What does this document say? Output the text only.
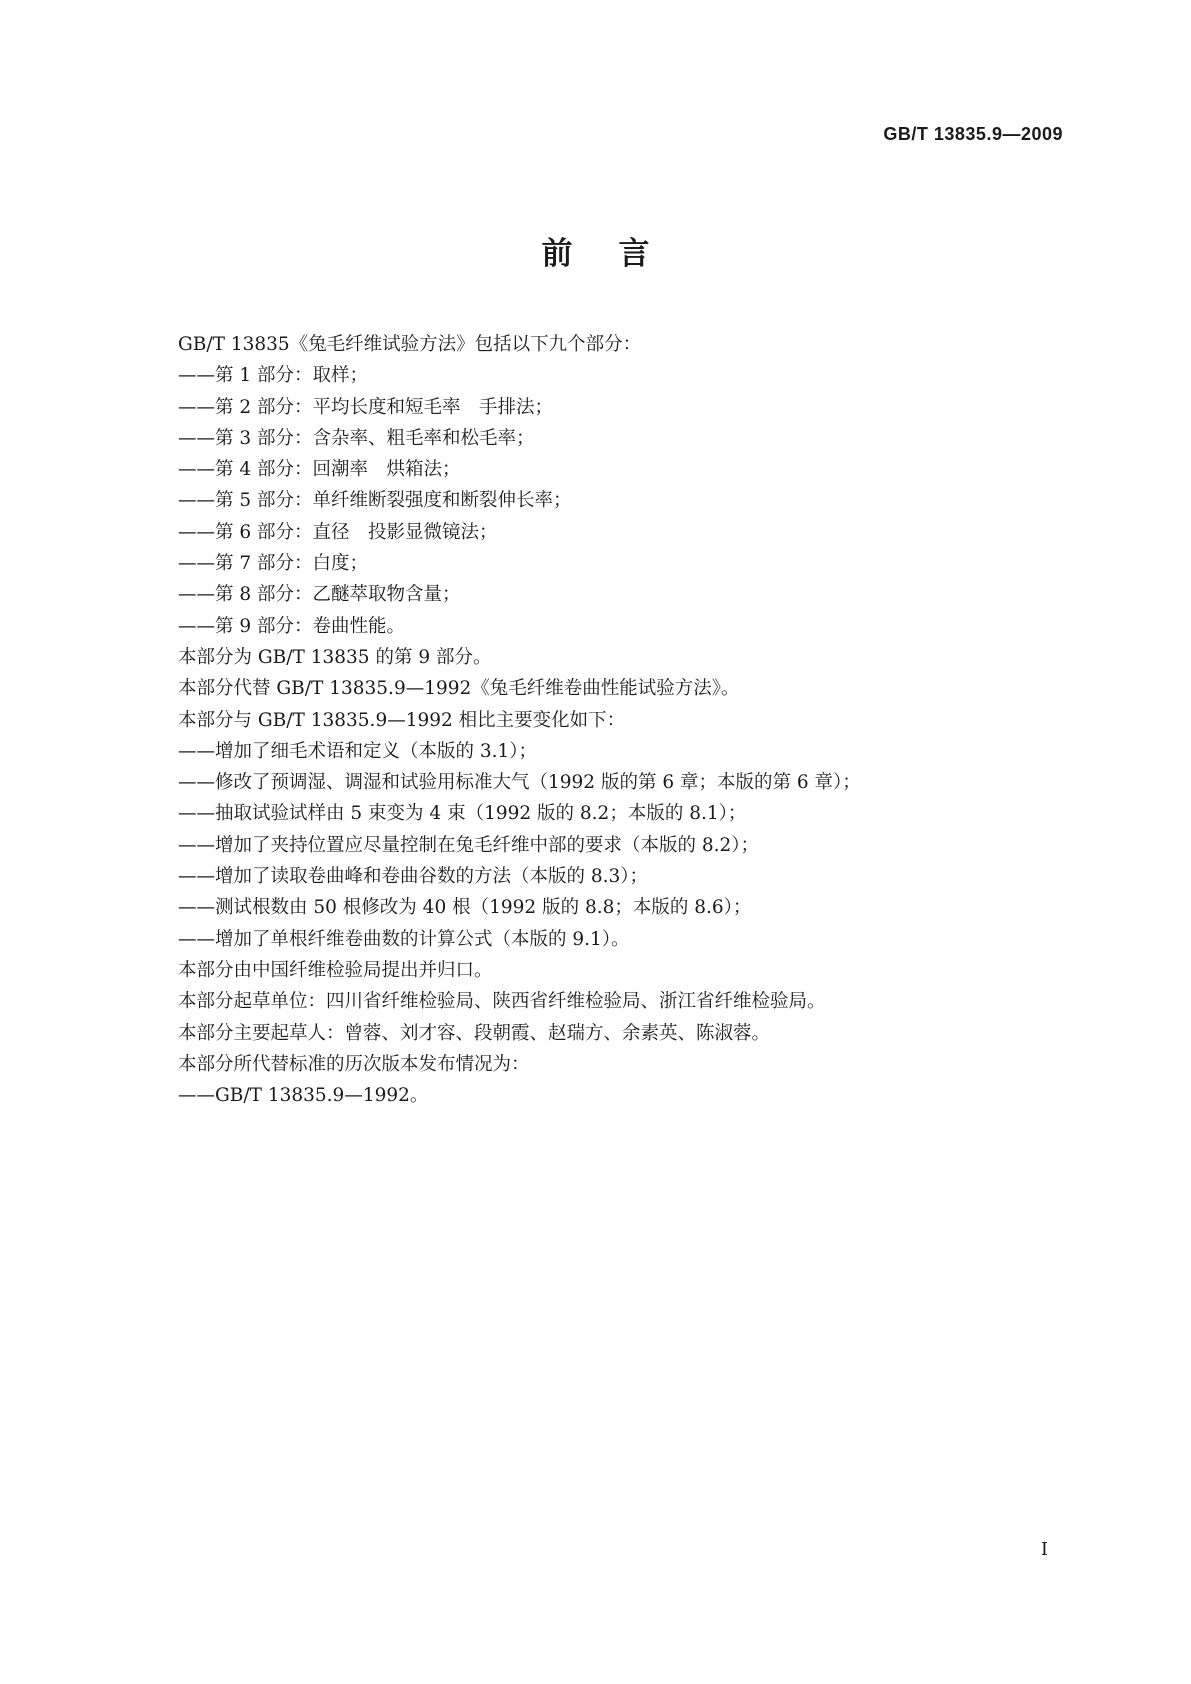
GB/T 13835.9—2009
前言
GB/T 13835《兔毛纤维试验方法》包括以下九个部分：
——第 1 部分：取样；
——第 2 部分：平均长度和短毛率　手排法；
——第 3 部分：含杂率、粗毛率和松毛率；
——第 4 部分：回潮率　烘箱法；
——第 5 部分：单纤维断裂强度和断裂伸长率；
——第 6 部分：直径　投影显微镜法；
——第 7 部分：白度；
——第 8 部分：乙醚萃取物含量；
——第 9 部分：卷曲性能。
本部分为 GB/T 13835 的第 9 部分。
本部分代替 GB/T 13835.9—1992《兔毛纤维卷曲性能试验方法》。
本部分与 GB/T 13835.9—1992 相比主要变化如下：
——增加了细毛术语和定义（本版的 3.1）；
——修改了预调湿、调湿和试验用标准大气（1992 版的第 6 章；本版的第 6 章）；
——抽取试验试样由 5 束变为 4 束（1992 版的 8.2；本版的 8.1）；
——增加了夹持位置应尽量控制在兔毛纤维中部的要求（本版的 8.2）；
——增加了读取卷曲峰和卷曲谷数的方法（本版的 8.3）；
——测试根数由 50 根修改为 40 根（1992 版的 8.8；本版的 8.6）；
——增加了单根纤维卷曲数的计算公式（本版的 9.1）。
本部分由中国纤维检验局提出并归口。
本部分起草单位：四川省纤维检验局、陕西省纤维检验局、浙江省纤维检验局。
本部分主要起草人：曾蓉、刘才容、段朝霞、赵瑞方、余素英、陈淑蓉。
本部分所代替标准的历次版本发布情况为：
——GB/T 13835.9—1992。
I
